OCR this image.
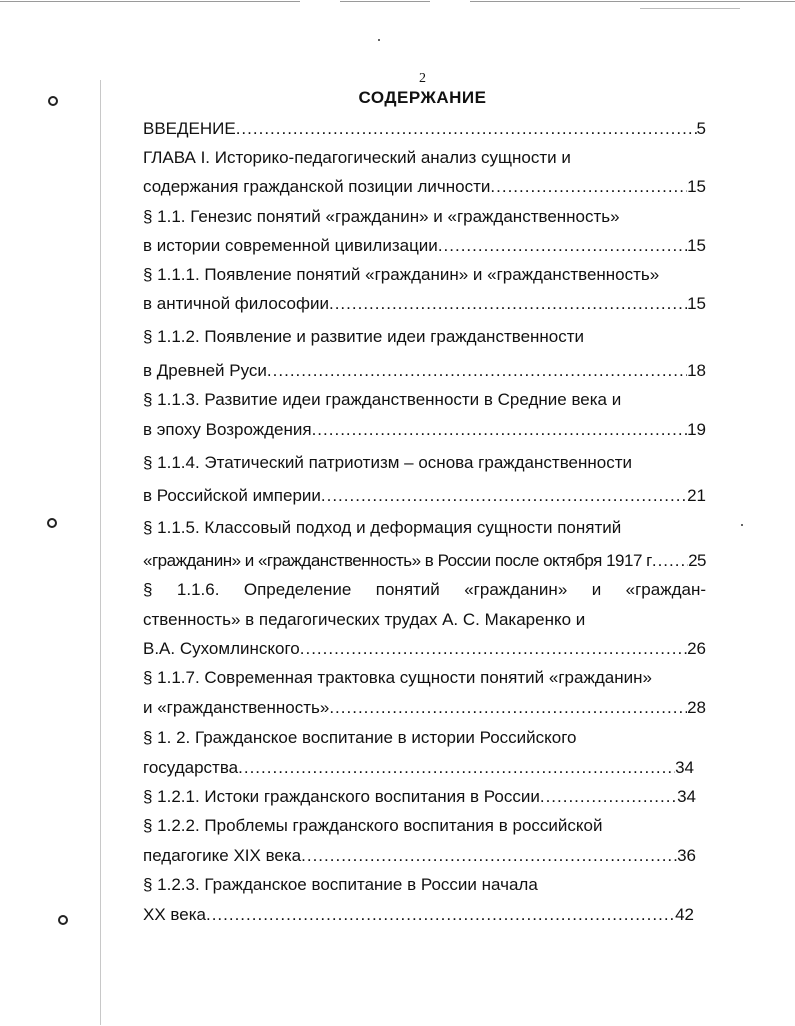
2
СОДЕРЖАНИЕ
ВВЕДЕНИЕ .....	5
ГЛАВА I. Историко-педагогический анализ сущности и
содержания гражданской позиции личности .....	15
§ 1.1. Генезис понятий «гражданин» и «гражданственность»
в истории современной цивилизации .....	15
§ 1.1.1. Появление понятий «гражданин» и «гражданственность»
в античной философии .....	15
§ 1.1.2. Появление и развитие идеи гражданственности
в Древней Руси .....	18
§ 1.1.3. Развитие идеи гражданственности в Средние века и
в эпоху Возрождения .....	19
§ 1.1.4. Этатический патриотизм – основа гражданственности
в Российской империи .....	21
§ 1.1.5. Классовый подход и деформация сущности понятий
«гражданин» и «гражданственность» в России после октября 1917 г ..... 25
§ 1.1.6. Определение понятий «гражданин» и «граждан-
ственность» в педагогических трудах А. С. Макаренко и
В.А. Сухомлинского .....	26
§ 1.1.7. Современная трактовка сущности понятий «гражданин»
и «гражданственность» .....	28
§ 1. 2. Гражданское воспитание в истории Российского
государства .....	34
§ 1.2.1. Истоки гражданского воспитания в России .....	34
§ 1.2.2. Проблемы гражданского воспитания в российской
педагогике XIX века .....	36
§ 1.2.3. Гражданское воспитание в России начала
XX века .....	42
